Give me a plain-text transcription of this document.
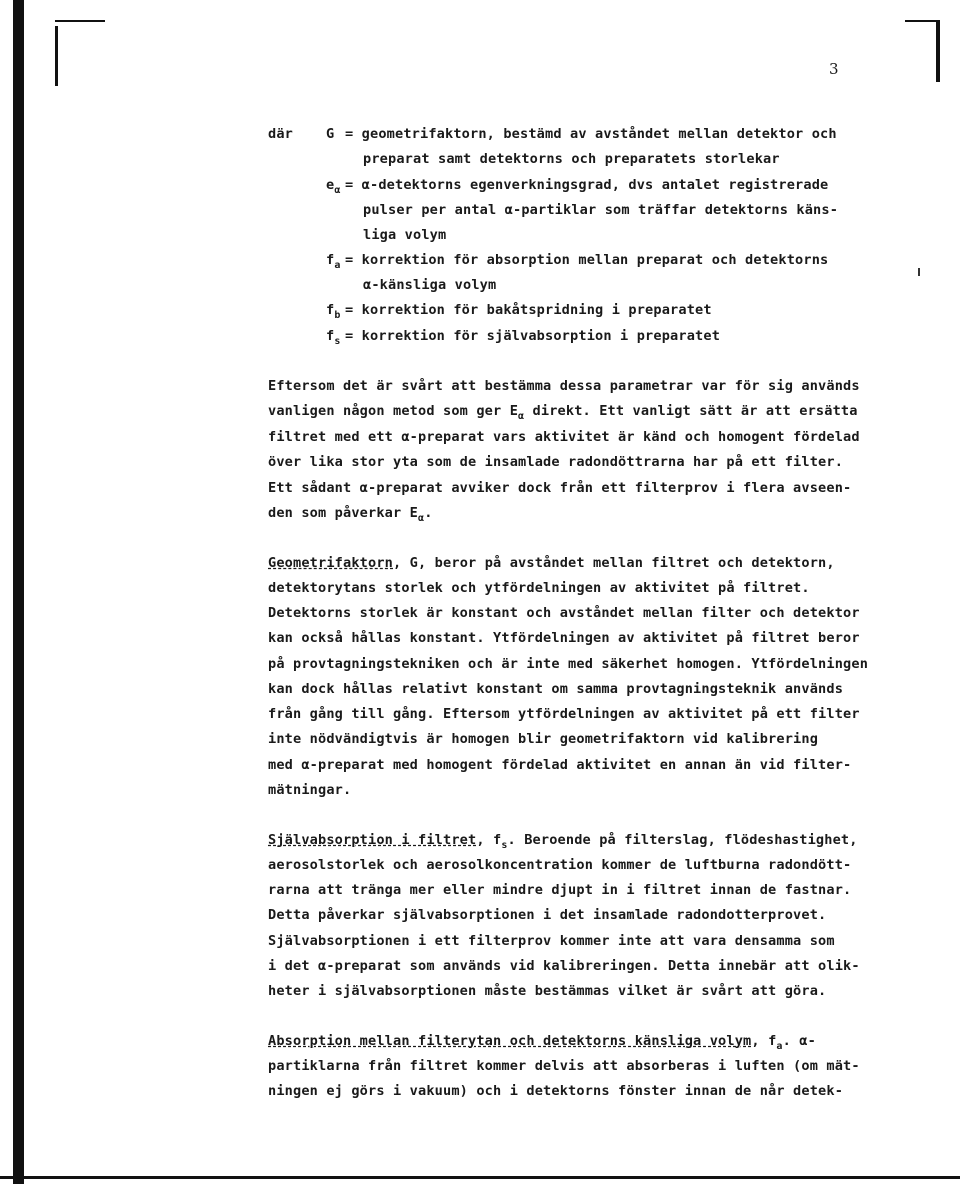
3
där G = geometrifaktorn, bestämd av avståndet mellan detektor och
preparat samt detektorns och preparatets storlekar
$e_\alpha$ = α-detektorns egenverkningsgrad, dvs antalet registrerade
pulser per antal α-partiklar som träffar detektorns käns-
liga volym
$f_a$ = korrektion för absorption mellan preparat och detektorns
α-känsliga volym
$f_b$ = korrektion för bakåtspridning i preparatet
$f_s$ = korrektion för självabsorption i preparatet
Eftersom det är svårt att bestämma dessa parametrar var för sig används
vanligen någon metod som ger $E_\alpha$ direkt. Ett vanligt sätt är att ersätta
filtret med ett α-preparat vars aktivitet är känd och homogent fördelad
över lika stor yta som de insamlade radondöttrarna har på ett filter.
Ett sådant α-preparat avviker dock från ett filterprov i flera avseen-
den som påverkar $E_\alpha$.
Geometrifaktorn, G, beror på avståndet mellan filtret och detektorn,
detektorytans storlek och ytfördelningen av aktivitet på filtret.
Detektorns storlek är konstant och avståndet mellan filter och detektor
kan också hållas konstant. Ytfördelningen av aktivitet på filtret beror
på provtagningstekniken och är inte med säkerhet homogen. Ytfördelningen
kan dock hållas relativt konstant om samma provtagningsteknik används
från gång till gång. Eftersom ytfördelningen av aktivitet på ett filter
inte nödvändigtvis är homogen blir geometrifaktorn vid kalibrering
med α-preparat med homogent fördelad aktivitet en annan än vid filter-
mätningar.
Självabsorption i filtret, $f_s$. Beroende på filterslag, flödeshastighet,
aerosolstorlek och aerosolkoncentration kommer de luftburna radondött-
rarna att tränga mer eller mindre djupt in i filtret innan de fastnar.
Detta påverkar självabsorptionen i det insamlade radondotterprovet.
Självabsorptionen i ett filterprov kommer inte att vara densamma som
i det α-preparat som används vid kalibreringen. Detta innebär att olik-
heter i självabsorptionen måste bestämmas vilket är svårt att göra.
Absorption mellan filterytan och detektorns känsliga volym, $f_a$. α-
partiklarna från filtret kommer delvis att absorberas i luften (om mät-
ningen ej görs i vakuum) och i detektorns fönster innan de når detek-
